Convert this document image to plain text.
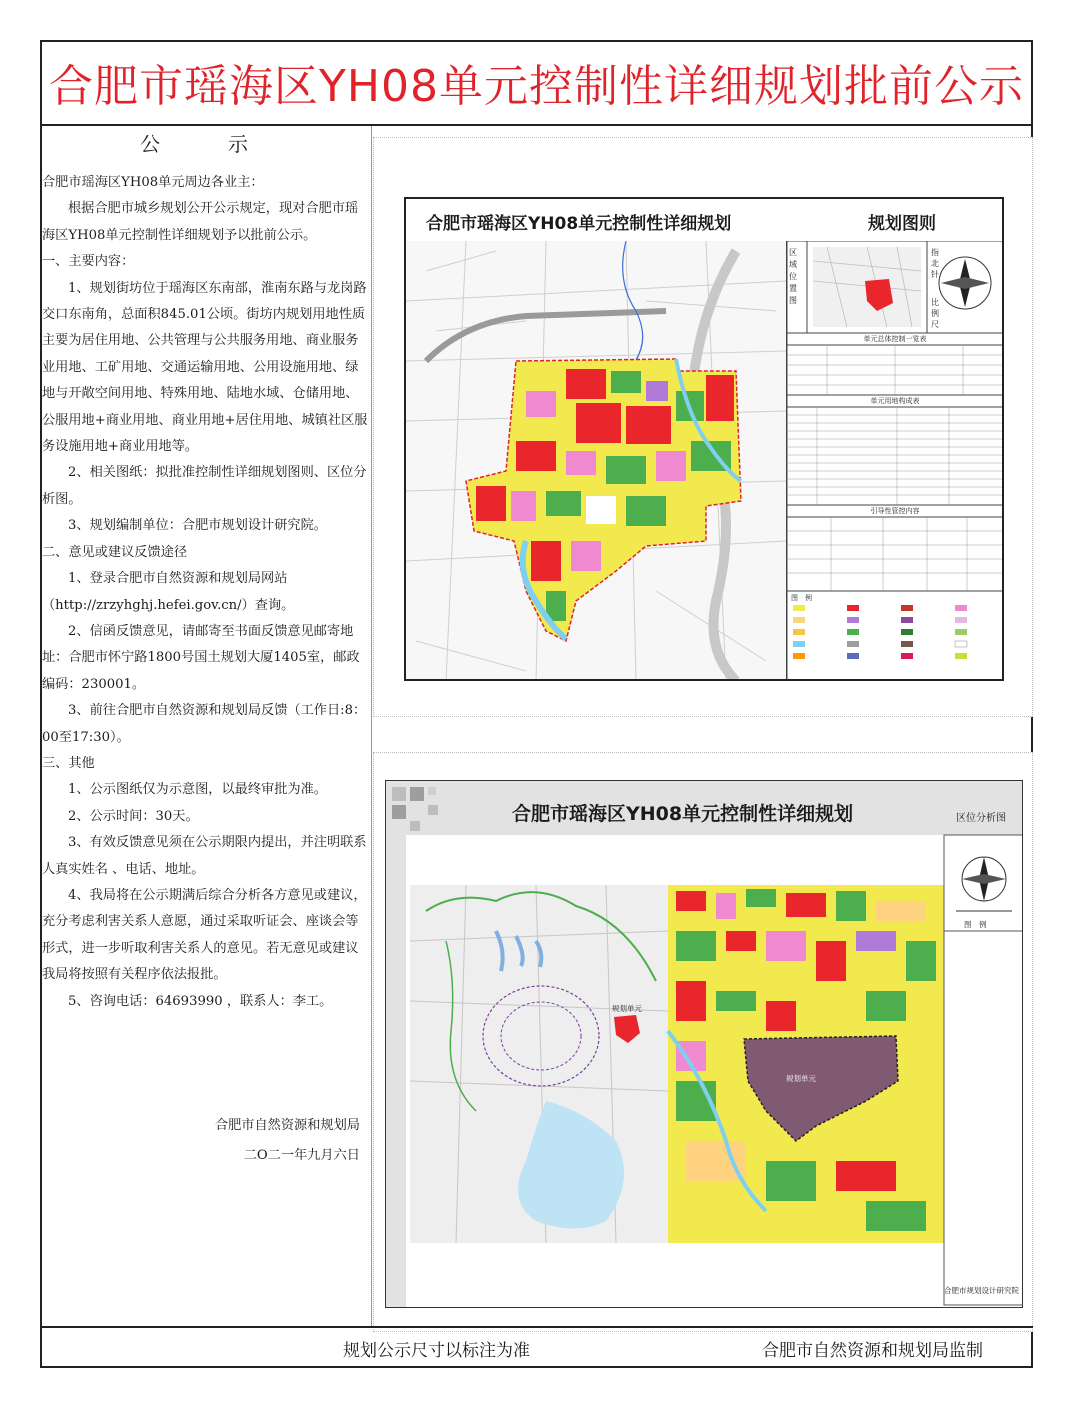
合肥市瑶海区YH08单元控制性详细规划批前公示
公　示

合肥市瑶海区YH08单元周边各业主：

根据合肥市城乡规划公开公示规定，现对合肥市瑶海区YH08单元控制性详细规划予以批前公示。

一、主要内容：

1、规划街坊位于瑶海区东南部，淮南东路与龙岗路交口东南角，总面积845.01公顷。街坊内规划用地性质主要为居住用地、公共管理与公共服务用地、商业服务业用地、工矿用地、交通运输用地、公用设施用地、绿地与开敞空间用地、特殊用地、陆地水域、仓储用地、公服用地+商业用地、商业用地+居住用地、城镇社区服务设施用地+商业用地等。

2、相关图纸：拟批准控制性详细规划图则、区位分析图。

3、规划编制单位：合肥市规划设计研究院。

二、意见或建议反馈途径

1、登录合肥市自然资源和规划局网站（http://zrzyhghj.hefei.gov.cn/）查询。

2、信函反馈意见，请邮寄至书面反馈意见邮寄地址：合肥市怀宁路1800号国土规划大厦1405室，邮政编码：230001。

3、前往合肥市自然资源和规划局反馈（工作日:8：00至17:30）。

三、其他

1、公示图纸仅为示意图，以最终审批为准。

2、公示时间：30天。

3、有效反馈意见须在公示期限内提出，并注明联系人真实姓名 、电话、地址。

4、我局将在公示期满后综合分析各方意见或建议，充分考虑利害关系人意愿，通过采取听证会、座谈会等形式，进一步听取利害关系人的意见。若无意见或建议我局将按照有关程序依法报批。

5、咨询电话：64693990 ，联系人：李工。

合肥市自然资源和规划局
二O二一年九月六日
合肥市瑶海区YH08单元控制性详细规划	规划图则
区域位置图
指北针
比例尺
单元总体控制一览表
单元用地构成表
引导性管控内容
图　例
合肥市瑶海区YH08单元控制性详细规划	区位分析图
规划单元
规划单元
图　例
合肥市规划设计研究院
规划公示尺寸以标注为准	合肥市自然资源和规划局监制
